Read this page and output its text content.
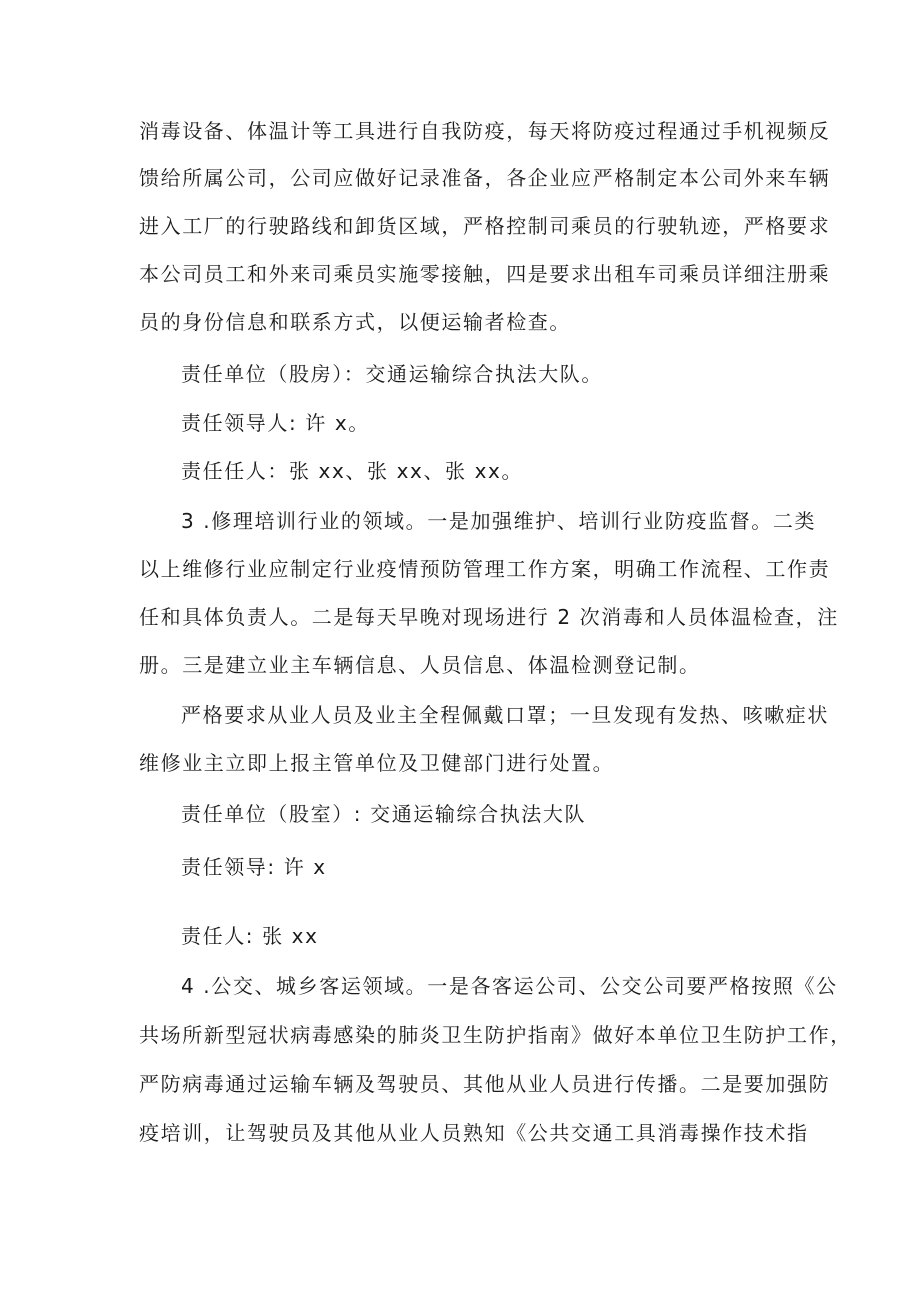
消毒设备、体温计等工具进行自我防疫，每天将防疫过程通过手机视频反
馈给所属公司，公司应做好记录准备，各企业应严格制定本公司外来车辆
进入工厂的行驶路线和卸货区域，严格控制司乘员的行驶轨迹，严格要求
本公司员工和外来司乘员实施零接触，四是要求出租车司乘员详细注册乘
员的身份信息和联系方式，以便运输者检查。
责任单位（股房）：交通运输综合执法大队。
责任领导人: 许 x。
责任任人：张 xx、张 xx、张 xx。
3 .修理培训行业的领域。一是加强维护、培训行业防疫监督。二类
以上维修行业应制定行业疫情预防管理工作方案，明确工作流程、工作责
任和具体负责人。二是每天早晚对现场进行 2 次消毒和人员体温检查，注
册。三是建立业主车辆信息、人员信息、体温检测登记制。
严格要求从业人员及业主全程佩戴口罩；一旦发现有发热、咳嗽症状
维修业主立即上报主管单位及卫健部门进行处置。
责任单位（股室）: 交通运输综合执法大队
责任领导: 许 x
责任人: 张 xx
4 .公交、城乡客运领域。一是各客运公司、公交公司要严格按照《公
共场所新型冠状病毒感染的肺炎卫生防护指南》做好本单位卫生防护工作，
严防病毒通过运输车辆及驾驶员、其他从业人员进行传播。二是要加强防
疫培训，让驾驶员及其他从业人员熟知《公共交通工具消毒操作技术指
